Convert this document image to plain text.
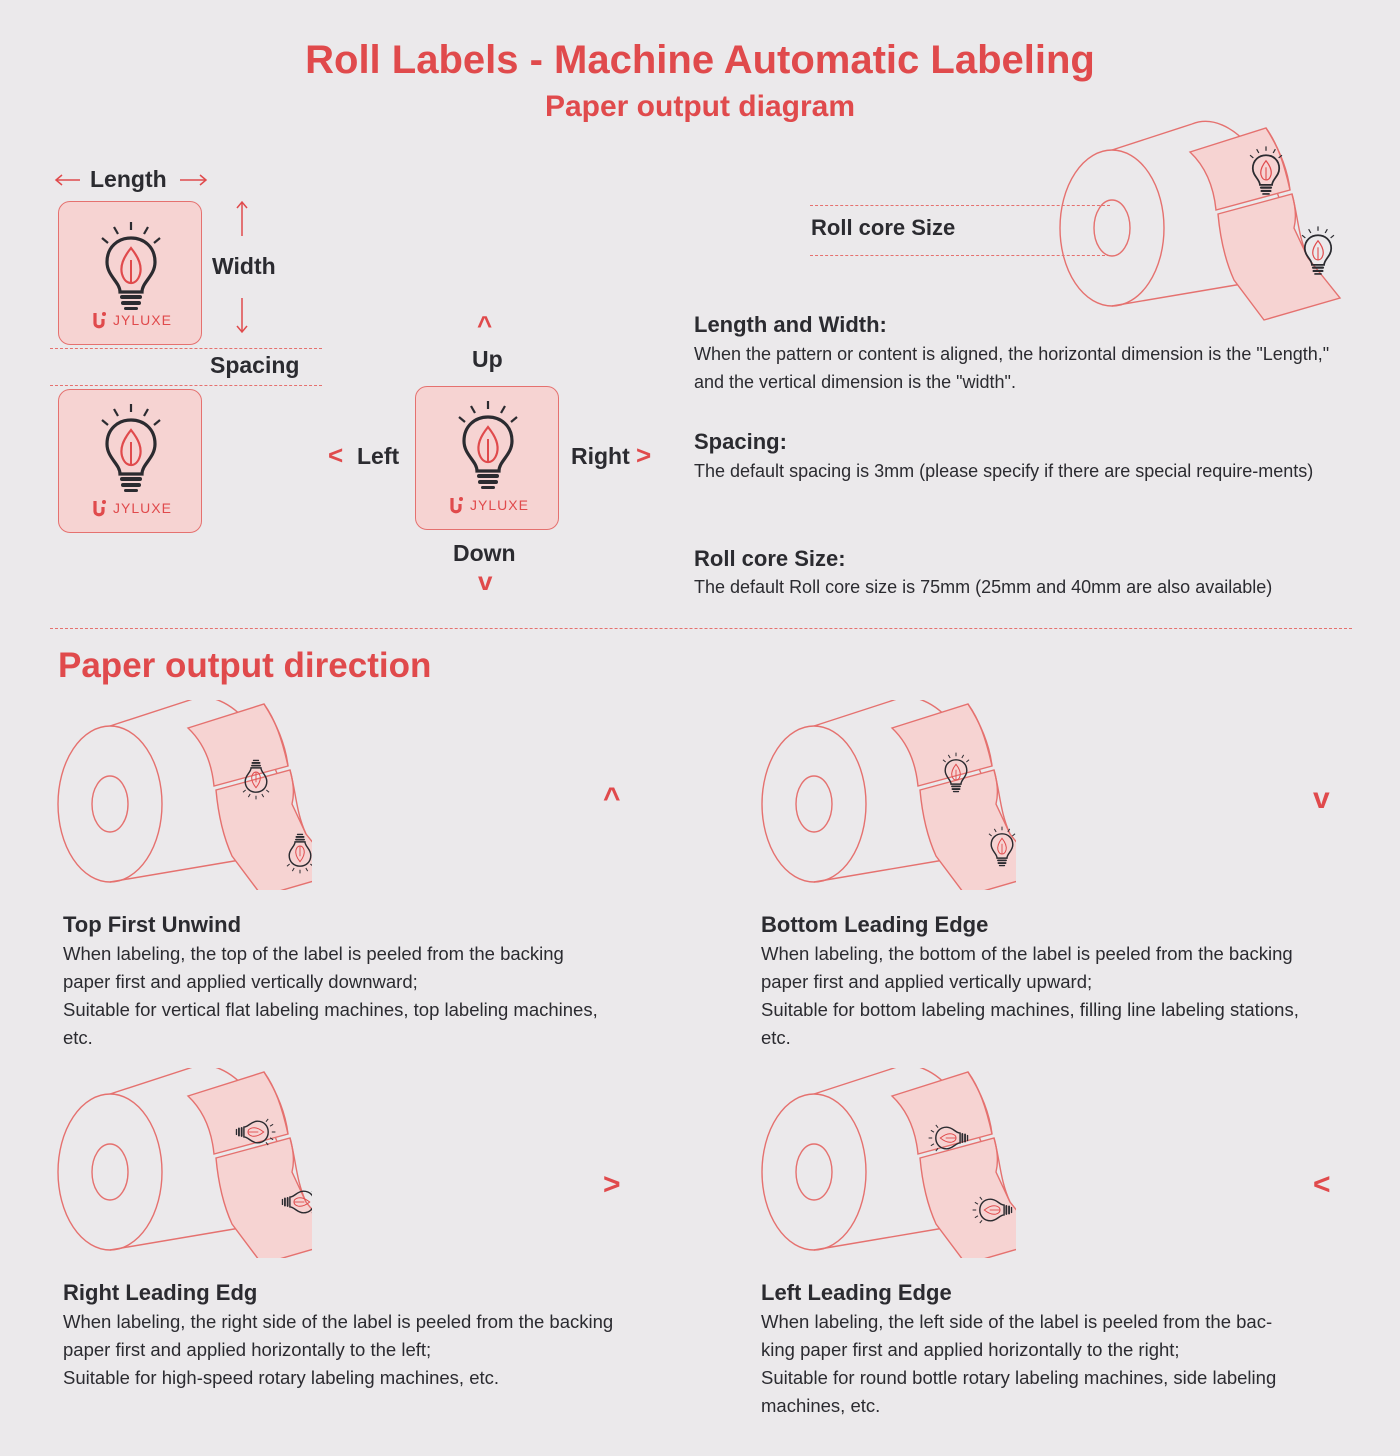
Roll Labels - Machine Automatic Labeling
Paper output diagram
Length
JYLUXE
Width
Spacing
JYLUXE
^
Up
JYLUXE
< Left	Right >
Down
v
Roll core Size
Length and Width:
When the pattern or content is aligned, the horizontal dimension is the "Length," and the vertical dimension is the "width".
Spacing:
The default spacing is 3mm (please specify if there are special require-ments)
Roll core Size:
The default Roll core size is 75mm (25mm and 40mm are also available)
Paper output direction
^
Top First Unwind
When labeling, the top of the label is peeled from the backing
paper first and applied vertically downward;
Suitable for vertical flat labeling machines, top labeling machines,
etc.
v
Bottom Leading Edge
When labeling, the bottom of the label is peeled from the backing
paper first and applied vertically upward;
Suitable for bottom labeling machines, filling line labeling stations,
etc.
>
Right Leading Edg
When labeling, the right side of the label is peeled from the backing
paper first and applied horizontally to the left;
Suitable for high-speed rotary labeling machines, etc.
<
Left Leading Edge
When labeling, the left side of the label is peeled from the bac-
king paper first and applied horizontally to the right;
Suitable for round bottle rotary labeling machines, side labeling
machines, etc.
